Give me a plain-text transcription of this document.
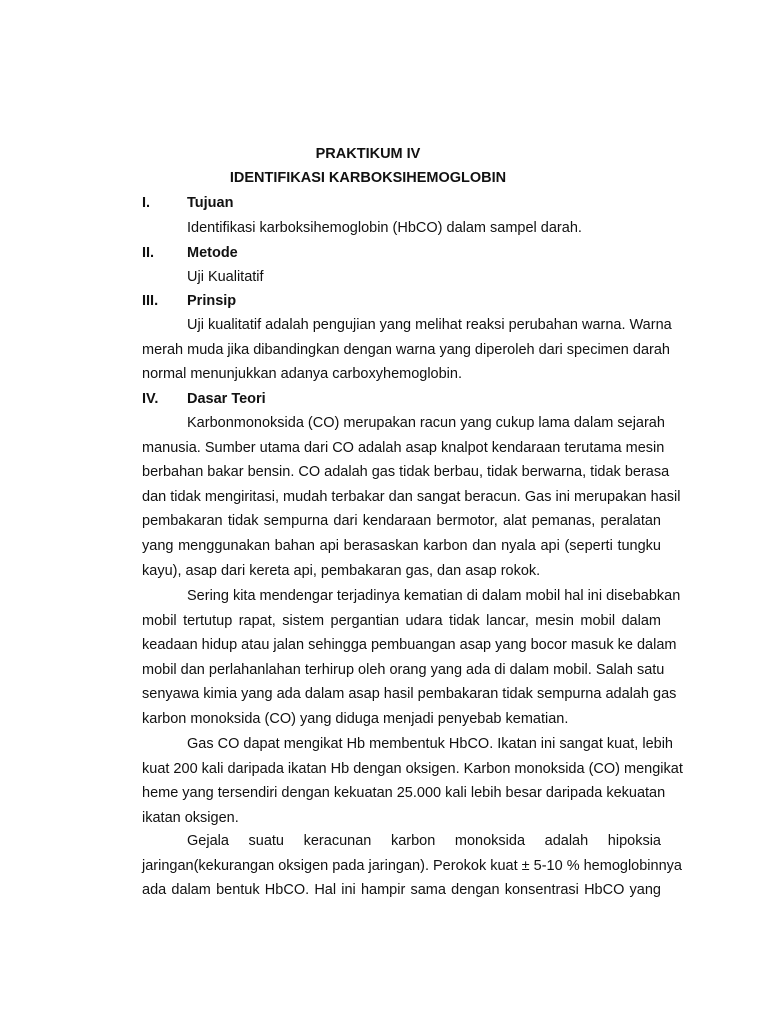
PRAKTIKUM IV
IDENTIFIKASI KARBOKSIHEMOGLOBIN
I.	Tujuan
Identifikasi karboksihemoglobin (HbCO) dalam sampel darah.
II. Metode
Uji Kualitatif
III. Prinsip
Uji kualitatif adalah pengujian yang melihat reaksi perubahan warna. Warna
merah muda jika dibandingkan dengan warna yang diperoleh dari specimen darah
normal menunjukkan adanya carboxyhemoglobin.
IV. Dasar Teori
Karbonmonoksida (CO) merupakan racun yang cukup lama dalam sejarah
manusia. Sumber utama dari CO adalah asap knalpot kendaraan terutama mesin
berbahan bakar bensin. CO adalah gas tidak berbau, tidak berwarna, tidak berasa
dan tidak mengiritasi, mudah terbakar dan sangat beracun. Gas ini merupakan hasil
pembakaran tidak sempurna dari kendaraan bermotor, alat pemanas, peralatan
yang menggunakan bahan api berasaskan karbon dan nyala api (seperti tungku
kayu), asap dari kereta api, pembakaran gas, dan asap rokok.
Sering kita mendengar terjadinya kematian di dalam mobil hal ini disebabkan
mobil tertutup rapat, sistem pergantian udara tidak lancar, mesin mobil dalam
keadaan hidup atau jalan sehingga pembuangan asap yang bocor masuk ke dalam
mobil dan perlahanlahan terhirup oleh orang yang ada di dalam mobil. Salah satu
senyawa kimia yang ada dalam asap hasil pembakaran tidak sempurna adalah gas
karbon monoksida (CO) yang diduga menjadi penyebab kematian.
Gas CO dapat mengikat Hb membentuk HbCO. Ikatan ini sangat kuat, lebih
kuat 200 kali daripada ikatan Hb dengan oksigen. Karbon monoksida (CO) mengikat
heme yang tersendiri dengan kekuatan 25.000 kali lebih besar daripada kekuatan
ikatan oksigen.
Gejala suatu keracunan karbon monoksida adalah hipoksia
jaringan(kekurangan oksigen pada jaringan). Perokok kuat ± 5-10 % hemoglobinnya
ada dalam bentuk HbCO. Hal ini hampir sama dengan konsentrasi HbCO yang
